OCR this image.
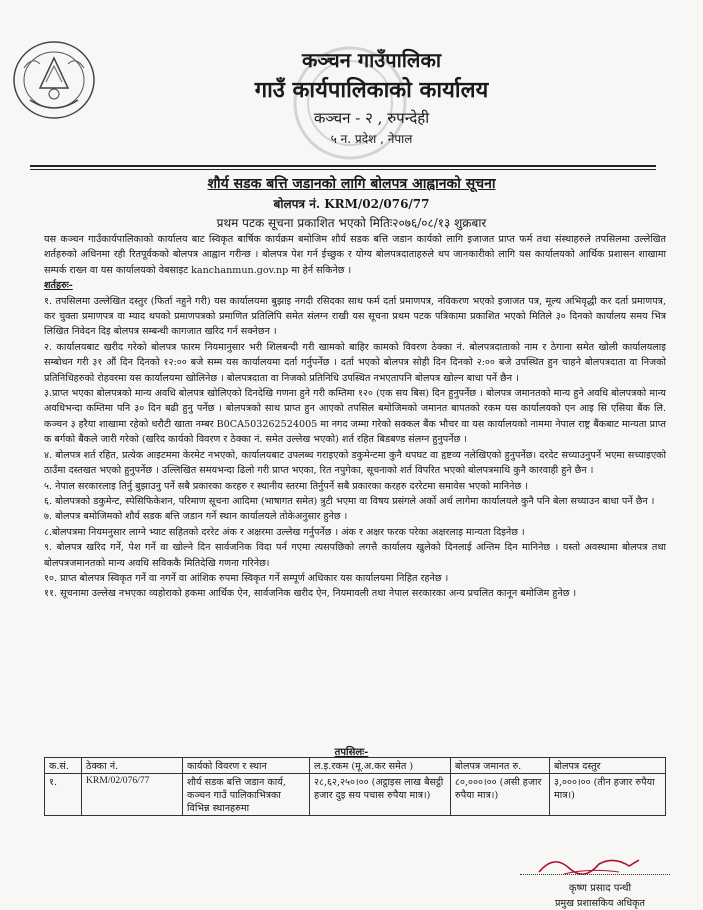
कञ्चन गाउँपालिका
गाउँ कार्यपालिकाको कार्यालय
कञ्चन - २ , रुपन्देही
५ न. प्रदेश , नेपाल
शौर्य सडक बत्ति जडानको लागि बोलपत्र आह्वानको सूचना
बोलपत्र नं. KRM/02/076/77
प्रथम पटक सूचना प्रकाशित भएको मितिः२०७६/०८/१३ शुक्रबार

यस कञ्चन गाउँकार्यपालिकाको कार्यालय बाट स्विकृत बार्षिक कार्यक्रम बमोजिम शौर्य सडक बत्ति जडान कार्यको लागि इजाजत प्राप्त फर्म तथा संस्थाहरुले तपसिलमा उल्लेखित शर्तहरुको अधिनमा रही रितपूर्वकको बोलपत्र आह्वान गरीन्छ । बोलपत्र पेश गर्न ईच्छुक र योग्य बोलपत्रदाताहरुले थप जानकारीको लागि यस कार्यालयको आर्थिक प्रशासन शाखामा सम्पर्क राख्न वा यस कार्यालयको वेबसाइट kanchanmun.gov.np मा हेर्न सकिनेछ ।

शर्तहरुः-

१. तपसिलमा उल्लेखित दस्तुर (फिर्ता नहुने गरी) यस कार्यालयमा बुझाइ नगदी रसिदका साथ फर्म दर्ता प्रमाणपत्र, नविकरण भएको इजाजत पत्र, मूल्य अभिवृद्धी कर दर्ता प्रमाणपत्र, कर चुक्ता प्रमाणपत्र वा म्याद थपको प्रमाणपत्रको प्रमाणित प्रतिलिपि समेत संलग्न राखी यस सूचना प्रथम पटक पत्रिकामा प्रकाशित भएको मितिले ३० दिनको कार्यालय समय भित्र लिखित निवेदन दिइ बोलपत्र सम्बन्धी कागजात खरिद गर्न सक्नेछन ।

२. कार्यालयबाट खरीद गरेको बोलपत्र फारम नियमानुसार भरी शिलबन्दी गरी खामको बाहिर कामको विवरण ठेक्का नं. बोलपत्रदाताको नाम र ठेगाना समेत खोली कार्यालयलाइ सम्बोधन गरी ३१ औं दिन दिनको १२:०० बजे सम्म यस कार्यालयमा दर्ता गर्नुपर्नेछ । दर्ता भएको बोलपत्र सोही दिन दिनको २:०० बजे उपस्थित हुन चाहने बोलपत्रदाता वा निजको प्रतिनिधिहरुको रोहवरमा यस कार्यालयमा खोलिनेछ । बोलपत्रदाता वा निजको प्रतिनिधि उपस्थित नभएतापनि बोलपत्र खोल्न बाधा पर्ने छैन ।

३.प्राप्त भएका बोलपत्रको मान्य अवधि बोलपत्र खोलिएको दिनदेखि गणना हुने गरी कम्तिमा १२० (एक सय बिस) दिन हुनुपर्नेछ । बोलपत्र जमानतको मान्य हुने अवधि बोलपत्रको मान्य अवधिभन्दा कम्तिमा पनि ३० दिन बढी हुनु पर्नेछ । बोलपत्रको साथ प्राप्त हुन आएको तपसिल बमोजिमको जमानत बापतको रकम यस कार्यालयको एन आइ सि एसिया बैंक लि. कञ्चन ३ हरैया शाखामा रहेको धरौटी खाता नम्बर B0CA503262524005 मा नगद जम्मा गरेको सक्कल बैंक भौचर वा यस कार्यालयको नाममा नेपाल राष्ट्र बैंकबाट मान्यता प्राप्त क बर्गको बैंकले जारी गरेको (खरिद कार्यको विवरण र ठेक्का नं. समेत उल्लेख भएको) शर्त रहित बिडबण्ड संलग्न हुनुपर्नेछ ।

४. बोलपत्र शर्त रहित, प्रत्येक आइटममा केरमेट नभएको, कार्यालयबाट उपलब्ध गराइएको डकुमेन्टमा कुनै थपघट वा हृष्टव्य नलेखिएको हुनुपर्नेछ। दरदेट सच्याउनुपर्ने भएमा सच्याइएको ठाउँमा दस्तखत भएको हुनुपर्नेछ । उल्लिखित समयभन्दा ढिलो गरी प्राप्त भएका, रित नपुगेका, सूचनाको शर्त विपरित भएको बोलपत्रमाथि कुनै कारवाही हुने छैन ।

५. नेपाल सरकारलाइ तिर्नु बुझाउनु पर्ने सबै प्रकारका करहरु र स्थानीय स्तरमा तिर्नुपर्ने सबै प्रकारका करहरु दररेटमा समावेस भएको मानिनेछ ।

६. बोलपत्रको डकुमेन्ट, स्पेसिफिकेशन, परिमाण सूचना आदिमा (भाषागत समेत) त्रुटी भएमा वा विषय प्रसंगले अर्को अर्थ लागेमा कार्यालयले कुनै पनि बेला सच्याउन बाधा पर्ने छैन ।

७. बोलपत्र बमोजिमको शौर्य सडक बत्ति जडान गर्ने स्थान कार्यालयले तोकेअनुसार हुनेछ ।

८.बोलपत्रमा नियमनुसार लाग्ने भ्याट सहितको दररेट अंक र अक्षरमा उल्लेख गर्नुपर्नेछ । अंक र अक्षर फरक परेका अक्षरलाइ मान्यता दिइनेछ ।

९. बोलपत्र खरिद गर्ने, पेश गर्ने वा खोल्ने दिन सार्वजनिक विदा पर्न गएमा त्यसपछिको लगत्तै कार्यालय खुलेको दिनलाई अन्तिम दिन मानिनेछ । यस्तो अवस्थामा बोलपत्र तथा बोलपत्रजमानतको मान्य अवधि सविककै मितिदेखि गणना गरिनेछ।

१०. प्राप्त बोलपत्र स्विकृत गर्ने वा नगर्ने वा आंशिक रुपमा स्विकृत गर्ने सम्पूर्ण अधिकार यस कार्यालयमा निहित रहनेछ ।

११. सूचनामा उल्लेख नभएका व्यहोराको हकमा आर्थिक ऐन, सार्वजनिक खरीद ऐन, नियमावली तथा नेपाल सरकारका अन्य प्रचलित कानून बमोजिम हुनेछ ।

तपसिलः-
क.सं.	ठेक्का नं.	कार्यको विवरण र स्थान	ल.इ.रकम (मू.अ.कर समेत )	बोलपत्र जमानत रु.	बोलपत्र दस्तुर
१.	KRM/02/076/77	शौर्य सडक बत्ति जडान कार्य, कञ्चन गाउँ पालिकाभित्रका विभिन्न स्थानहरुमा	२८,६२,२५०।०० (अट्ठाइस लाख बैसट्ठी हजार दुइ सय पचास रुपैया मात्र।)	८०,०००।०० (असी हजार रुपैया मात्र।)	३,०००।०० (तीन हजार रुपैया मात्र।)
कृष्ण प्रसाद पन्थी
प्रमुख प्रशासकिय अधिकृत
